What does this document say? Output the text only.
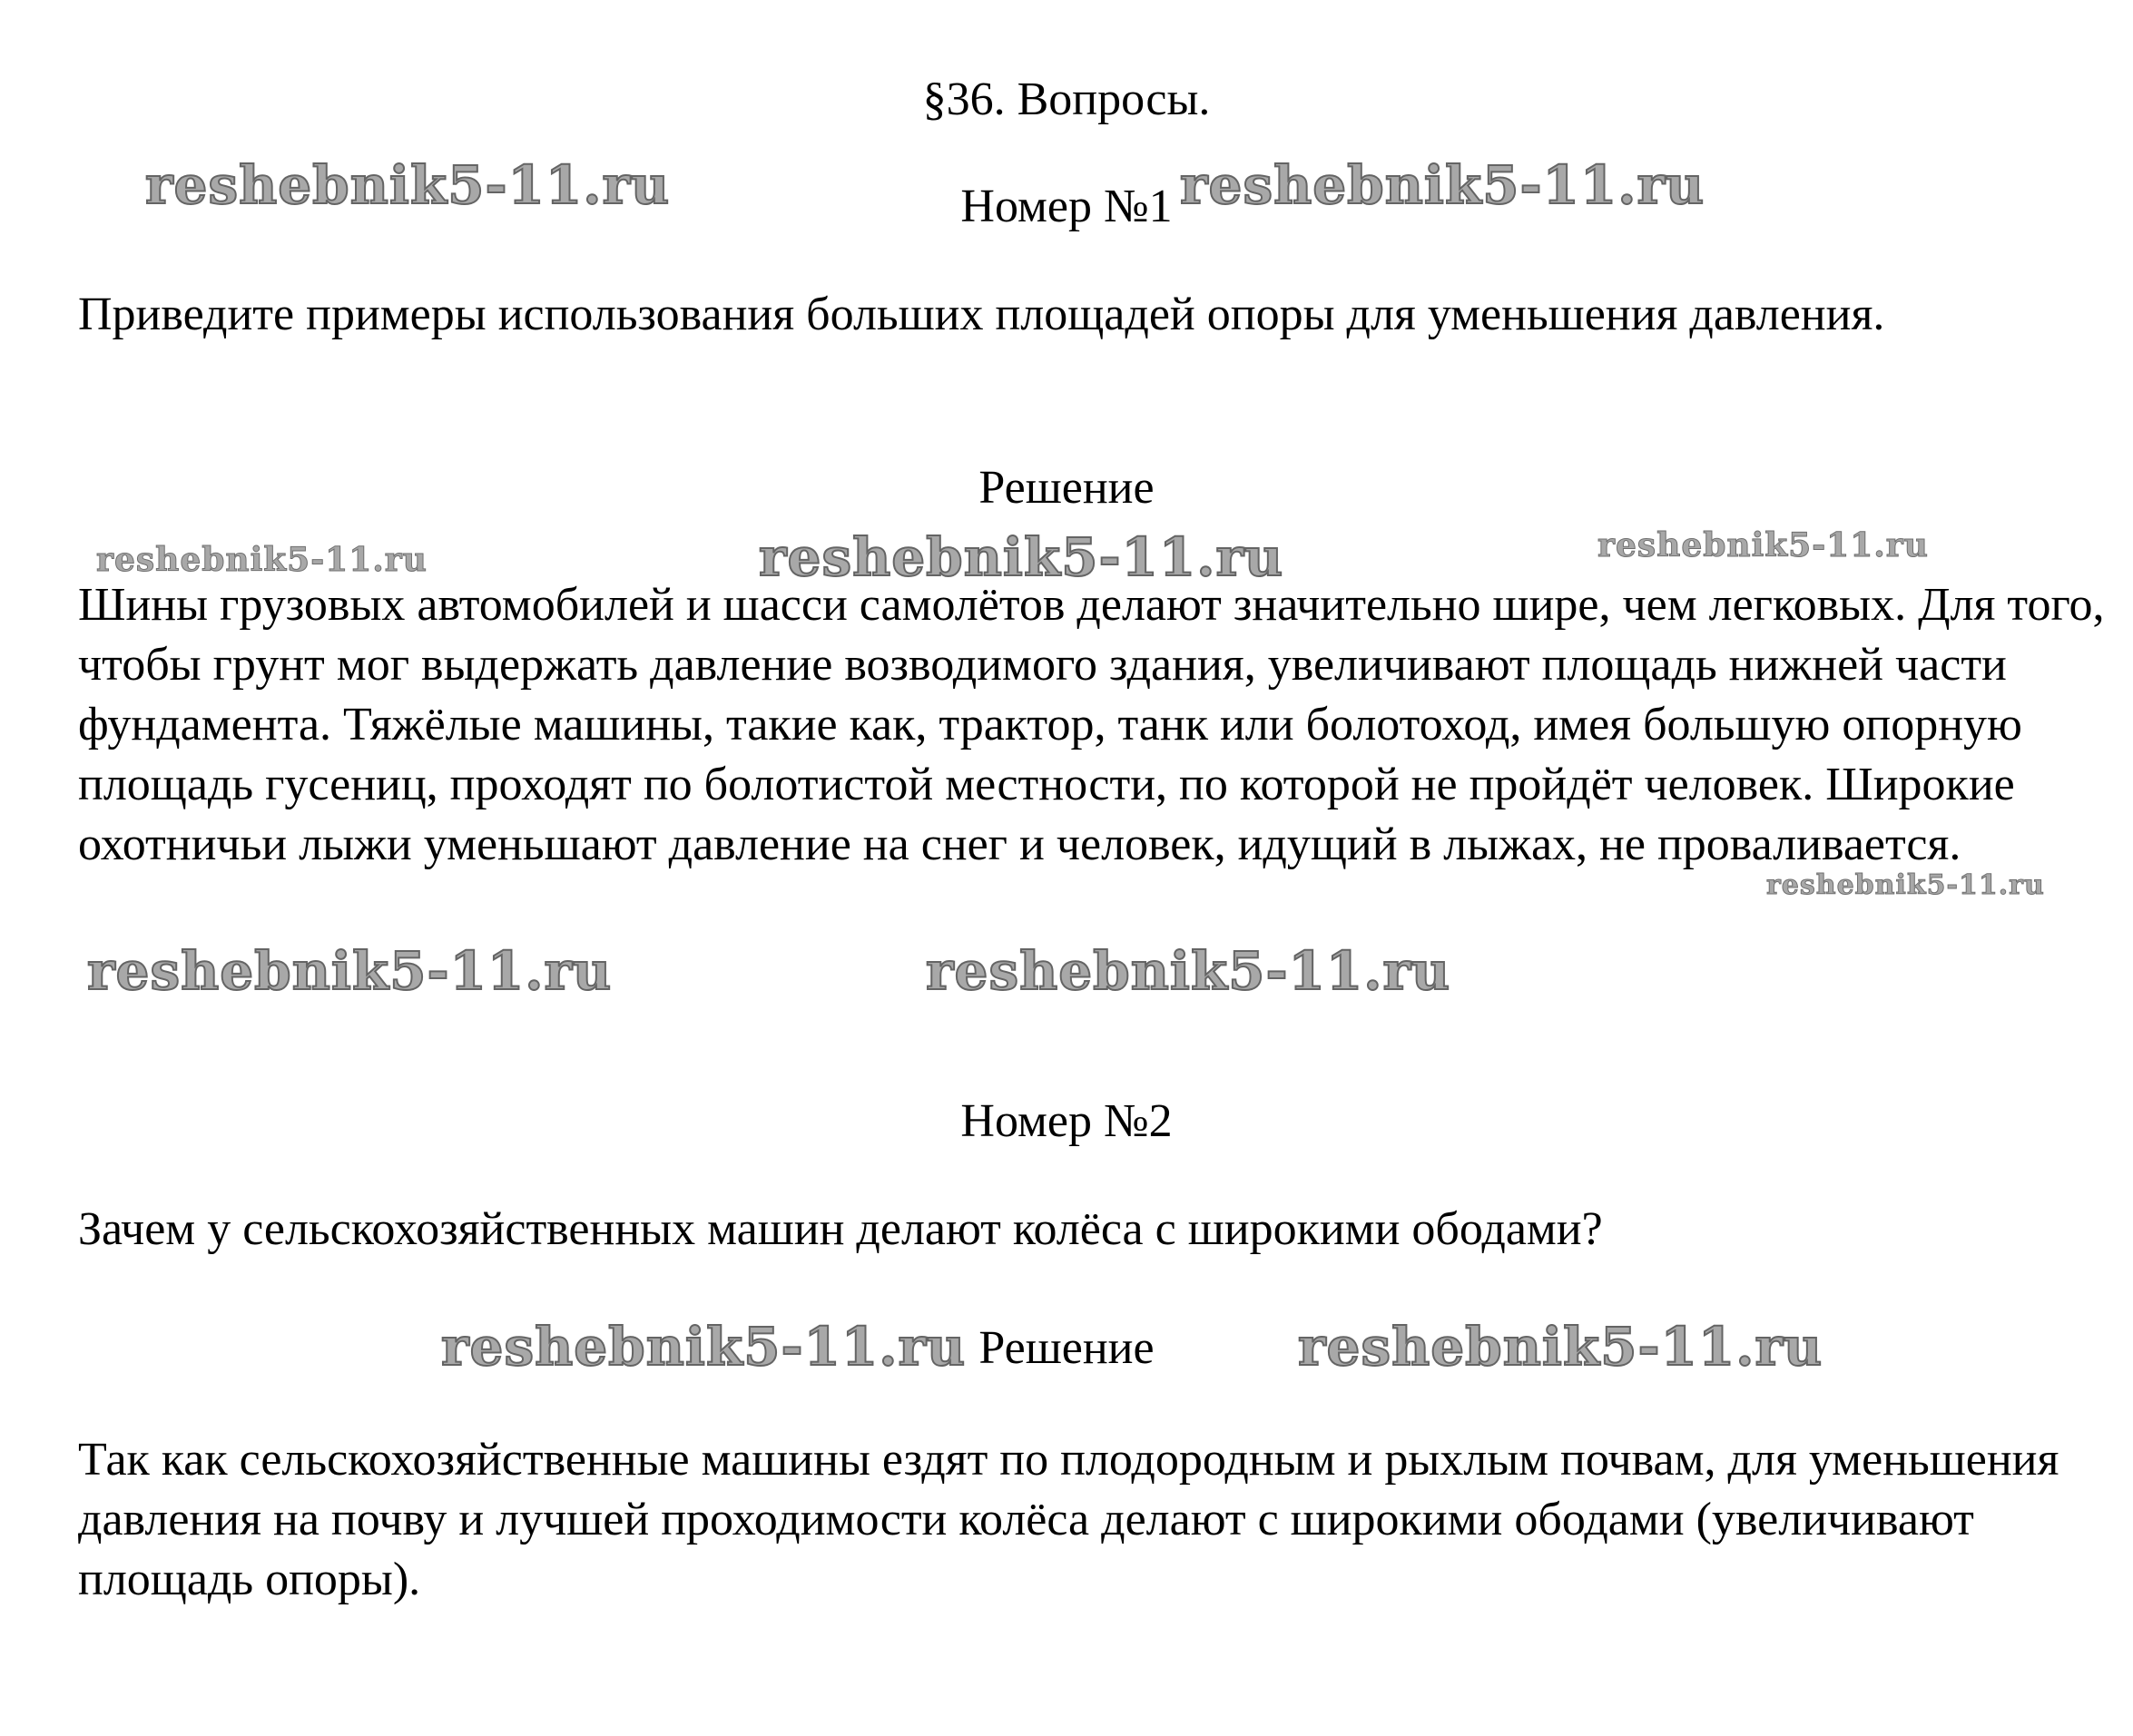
§36. Вопросы.
Номер №1

Приведите примеры использования больших площадей опоры для уменьшения давления.

Решение

Шины грузовых автомобилей и шасси самолётов делают значительно шире, чем легковых. Для того, чтобы грунт мог выдержать давление возводимого здания, увеличивают площадь нижней части фундамента. Тяжёлые машины, такие как, трактор, танк или болотоход, имея большую опорную площадь гусениц, проходят по болотистой местности, по которой не пройдёт человек. Широкие охотничьи лыжи уменьшают давление на снег и человек, идущий в лыжах, не проваливается.

Номер №2

Зачем у сельскохозяйственных машин делают колёса с широкими ободами?

Решение

Так как сельскохозяйственные машины ездят по плодородным и рыхлым почвам, для уменьшения давления на почву и лучшей проходимости колёса делают с широкими ободами (увеличивают площадь опоры).

reshebnik5-11.ru	reshebnik5-11.ru
reshebnik5-11.ru	reshebnik5-11.ru	reshebnik5-11.ru
reshebnik5-11.ru
reshebnik5-11.ru	reshebnik5-11.ru
reshebnik5-11.ru	reshebnik5-11.ru
